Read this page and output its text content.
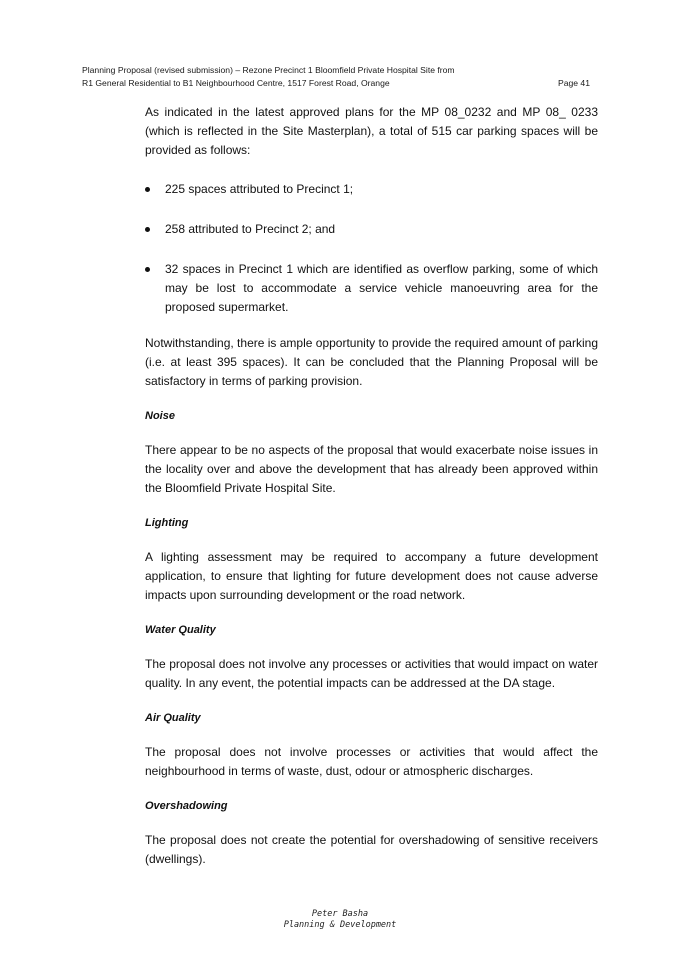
Planning Proposal (revised submission) – Rezone Precinct 1 Bloomfield Private Hospital Site from
R1 General Residential to B1 Neighbourhood Centre, 1517 Forest Road, Orange	Page 41

As indicated in the latest approved plans for the MP 08_0232 and MP 08_ 0233 (which is reflected in the Site Masterplan), a total of 515 car parking spaces will be provided as follows:

225 spaces attributed to Precinct 1;
258 attributed to Precinct 2; and
32 spaces in Precinct 1 which are identified as overflow parking, some of which may be lost to accommodate a service vehicle manoeuvring area for the proposed supermarket.

Notwithstanding, there is ample opportunity to provide the required amount of parking (i.e. at least 395 spaces). It can be concluded that the Planning Proposal will be satisfactory in terms of parking provision.

Noise

There appear to be no aspects of the proposal that would exacerbate noise issues in the locality over and above the development that has already been approved within the Bloomfield Private Hospital Site.

Lighting

A lighting assessment may be required to accompany a future development application, to ensure that lighting for future development does not cause adverse impacts upon surrounding development or the road network.

Water Quality

The proposal does not involve any processes or activities that would impact on water quality. In any event, the potential impacts can be addressed at the DA stage.

Air Quality

The proposal does not involve processes or activities that would affect the neighbourhood in terms of waste, dust, odour or atmospheric discharges.

Overshadowing

The proposal does not create the potential for overshadowing of sensitive receivers (dwellings).

Peter Basha
Planning & Development
